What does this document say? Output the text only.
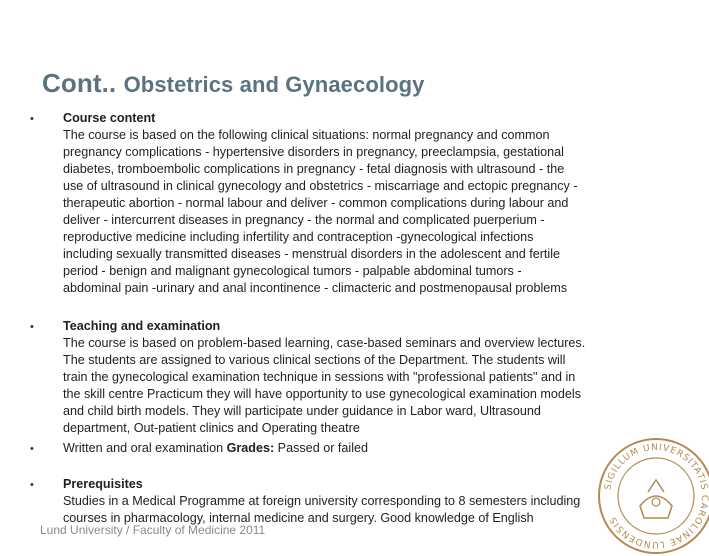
Cont.. Obstetrics and Gynaecology
• Course content
The course is based on the following clinical situations: normal pregnancy and common
pregnancy complications - hypertensive disorders in pregnancy, preeclampsia, gestational
diabetes, tromboembolic complications in pregnancy - fetal diagnosis with ultrasound - the
use of ultrasound in clinical gynecology and obstetrics - miscarriage and ectopic pregnancy -
therapeutic abortion - normal labour and deliver - common complications during labour and
deliver - intercurrent diseases in pregnancy - the normal and complicated puerperium -
reproductive medicine including infertility and contraception -gynecological infections
including sexually transmitted diseases - menstrual disorders in the adolescent and fertile
period - benign and malignant gynecological tumors - palpable abdominal tumors -
abdominal pain -urinary and anal incontinence - climacteric and postmenopausal problems
• Teaching and examination
The course is based on problem-based learning, case-based seminars and overview lectures.
The students are assigned to various clinical sections of the Department. The students will
train the gynecological examination technique in sessions with "professional patients" and in
the skill centre Practicum they will have opportunity to use gynecological examination models
and child birth models. They will participate under guidance in Labor ward, Ultrasound
department, Out-patient clinics and Operating theatre
• Written and oral examination Grades: Passed or failed
• Prerequisites
Studies in a Medical Programme at foreign university corresponding to 8 semesters including
courses in pharmacology, internal medicine and surgery. Good knowledge of English
Lund University / Faculty of Medicine 2011
SIGILLUM UNIVERSITATIS CAROLINAE LUNDENSIS
